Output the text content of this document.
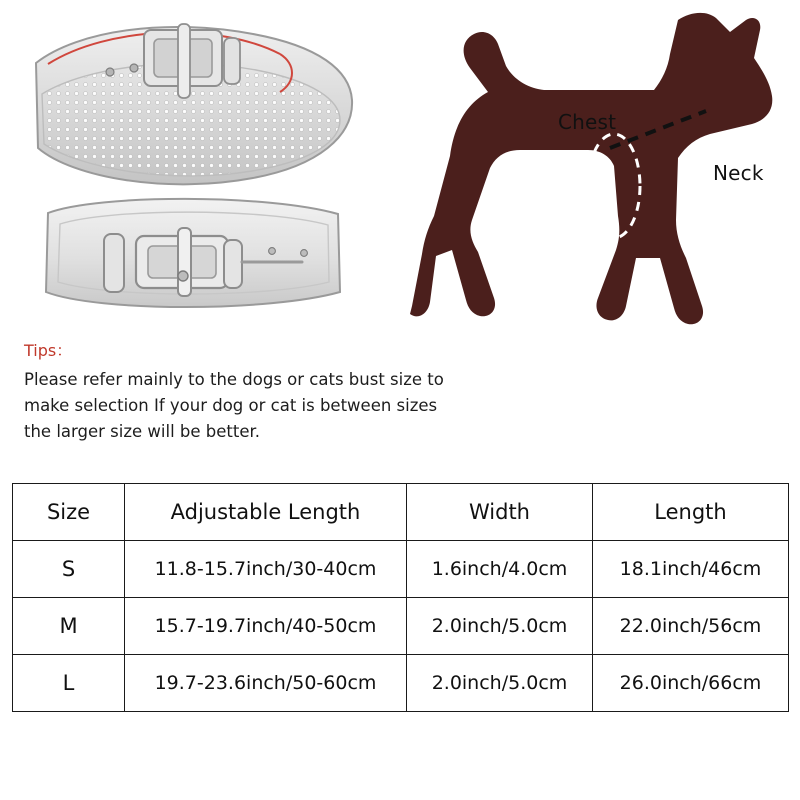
Chest
Neck
Tips：
Please refer mainly to the dogs or cats bust size to make selection If your dog or cat is between sizes the larger size will be better.
Size	Adjustable Length	Width	Length
S	11.8-15.7inch/30-40cm	1.6inch/4.0cm	18.1inch/46cm
M	15.7-19.7inch/40-50cm	2.0inch/5.0cm	22.0inch/56cm
L	19.7-23.6inch/50-60cm	2.0inch/5.0cm	26.0inch/66cm
